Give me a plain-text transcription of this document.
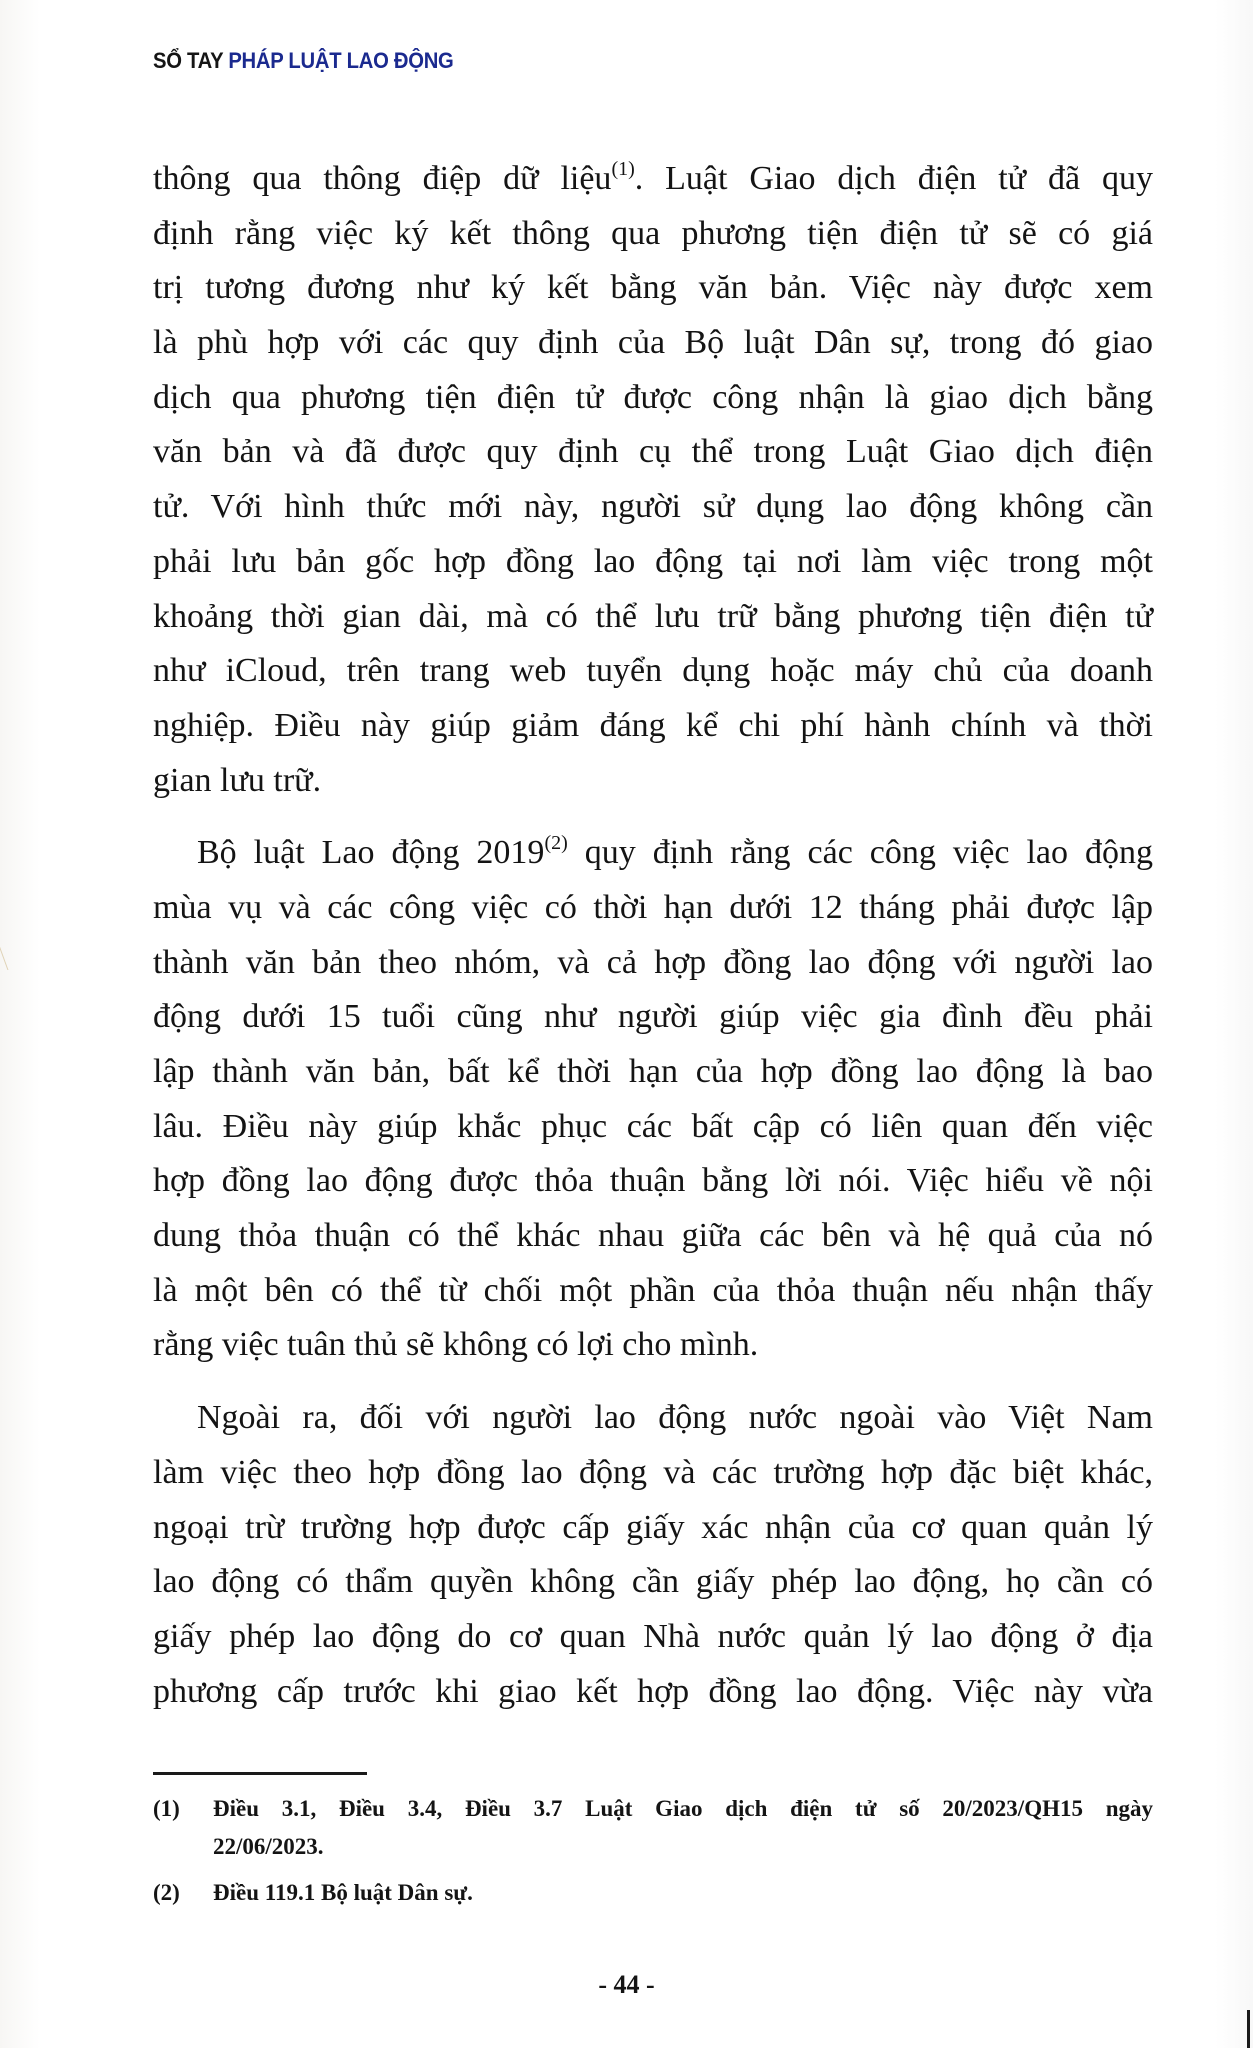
SỔ TAY PHÁP LUẬT LAO ĐỘNG
thông qua thông điệp dữ liệu$^{(1)}$. Luật Giao dịch điện tử đã quy
định rằng việc ký kết thông qua phương tiện điện tử sẽ có giá
trị tương đương như ký kết bằng văn bản. Việc này được xem
là phù hợp với các quy định của Bộ luật Dân sự, trong đó giao
dịch qua phương tiện điện tử được công nhận là giao dịch bằng
văn bản và đã được quy định cụ thể trong Luật Giao dịch điện
tử. Với hình thức mới này, người sử dụng lao động không cần
phải lưu bản gốc hợp đồng lao động tại nơi làm việc trong một
khoảng thời gian dài, mà có thể lưu trữ bằng phương tiện điện tử
như iCloud, trên trang web tuyển dụng hoặc máy chủ của doanh
nghiệp. Điều này giúp giảm đáng kể chi phí hành chính và thời
gian lưu trữ.
Bộ luật Lao động 2019$^{(2)}$ quy định rằng các công việc lao động
mùa vụ và các công việc có thời hạn dưới 12 tháng phải được lập
thành văn bản theo nhóm, và cả hợp đồng lao động với người lao
động dưới 15 tuổi cũng như người giúp việc gia đình đều phải
lập thành văn bản, bất kể thời hạn của hợp đồng lao động là bao
lâu. Điều này giúp khắc phục các bất cập có liên quan đến việc
hợp đồng lao động được thỏa thuận bằng lời nói. Việc hiểu về nội
dung thỏa thuận có thể khác nhau giữa các bên và hệ quả của nó
là một bên có thể từ chối một phần của thỏa thuận nếu nhận thấy
rằng việc tuân thủ sẽ không có lợi cho mình.
Ngoài ra, đối với người lao động nước ngoài vào Việt Nam
làm việc theo hợp đồng lao động và các trường hợp đặc biệt khác,
ngoại trừ trường hợp được cấp giấy xác nhận của cơ quan quản lý
lao động có thẩm quyền không cần giấy phép lao động, họ cần có
giấy phép lao động do cơ quan Nhà nước quản lý lao động ở địa
phương cấp trước khi giao kết hợp đồng lao động. Việc này vừa
(1) Điều 3.1, Điều 3.4, Điều 3.7 Luật Giao dịch điện tử số 20/2023/QH15 ngày
22/06/2023.
(2) Điều 119.1 Bộ luật Dân sự.
- 44 -
